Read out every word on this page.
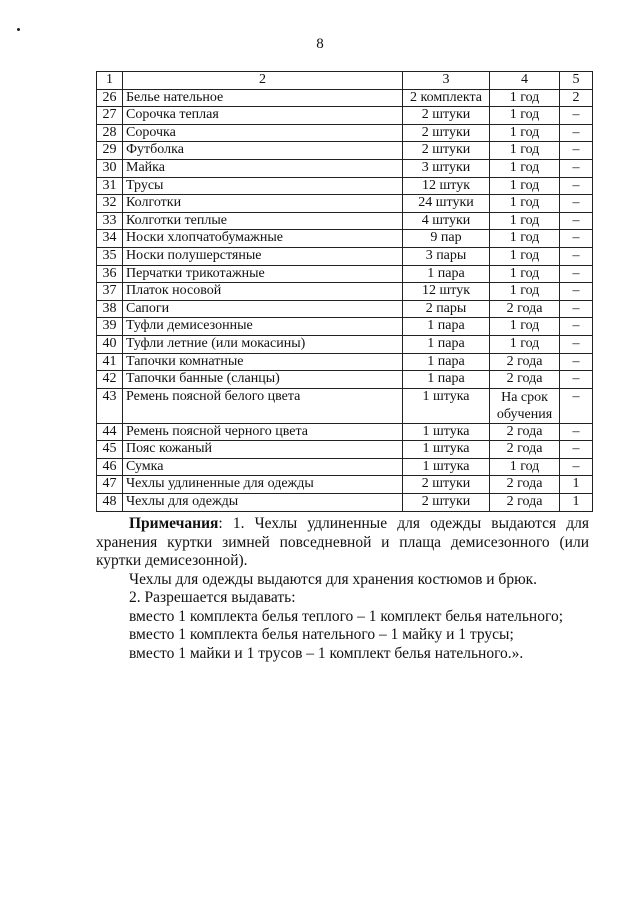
8
1	2	3	4	5
26	Белье нательное	2 комплекта	1 год	2
27	Сорочка теплая	2 штуки	1 год	–
28	Сорочка	2 штуки	1 год	–
29	Футболка	2 штуки	1 год	–
30	Майка	3 штуки	1 год	–
31	Трусы	12 штук	1 год	–
32	Колготки	24 штуки	1 год	–
33	Колготки теплые	4 штуки	1 год	–
34	Носки хлопчатобумажные	9 пар	1 год	–
35	Носки полушерстяные	3 пары	1 год	–
36	Перчатки трикотажные	1 пара	1 год	–
37	Платок носовой	12 штук	1 год	–
38	Сапоги	2 пары	2 года	–
39	Туфли демисезонные	1 пара	1 год	–
40	Туфли летние (или мокасины)	1 пара	1 год	–
41	Тапочки комнатные	1 пара	2 года	–
42	Тапочки банные (сланцы)	1 пара	2 года	–
43	Ремень поясной белого цвета	1 штука	На срок обучения	–
44	Ремень поясной черного цвета	1 штука	2 года	–
45	Пояс кожаный	1 штука	2 года	–
46	Сумка	1 штука	1 год	–
47	Чехлы удлиненные для одежды	2 штуки	2 года	1
48	Чехлы для одежды	2 штуки	2 года	1

Примечания: 1. Чехлы удлиненные для одежды выдаются для хранения куртки зимней повседневной и плаща демисезонного (или куртки демисезонной).

Чехлы для одежды выдаются для хранения костюмов и брюк.

2. Разрешается выдавать:

вместо 1 комплекта белья теплого – 1 комплект белья нательного;

вместо 1 комплекта белья нательного – 1 майку и 1 трусы;

вместо 1 майки и 1 трусов – 1 комплект белья нательного.».
